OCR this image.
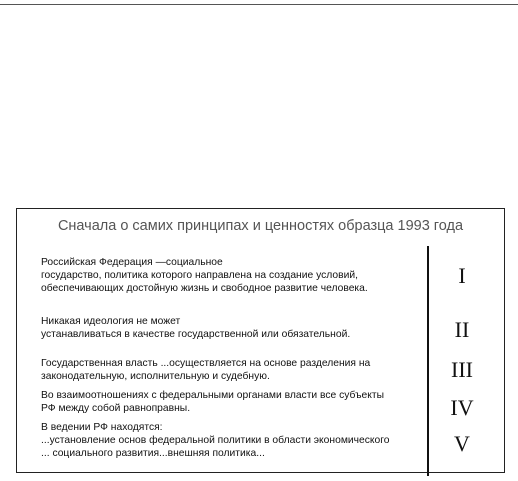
Сначала о самих принципах и ценностях образца 1993 года

Российская Федерация —социальное

государство, политика которого направлена на создание условий,

обеспечивающих достойную жизнь и свободное развитие человека.

Никакая идеология не может

устанавливаться в качестве государственной или обязательной.

Государственная власть ...осуществляется на основе разделения на

законодательную, исполнительную и судебную.

Во взаимоотношениях с федеральными органами власти все субъекты

РФ между собой равноправны.

В ведении РФ находятся:

...установление основ федеральной политики в области экономического

... социального развития...внешняя политика...

I
II
III
IV
V
